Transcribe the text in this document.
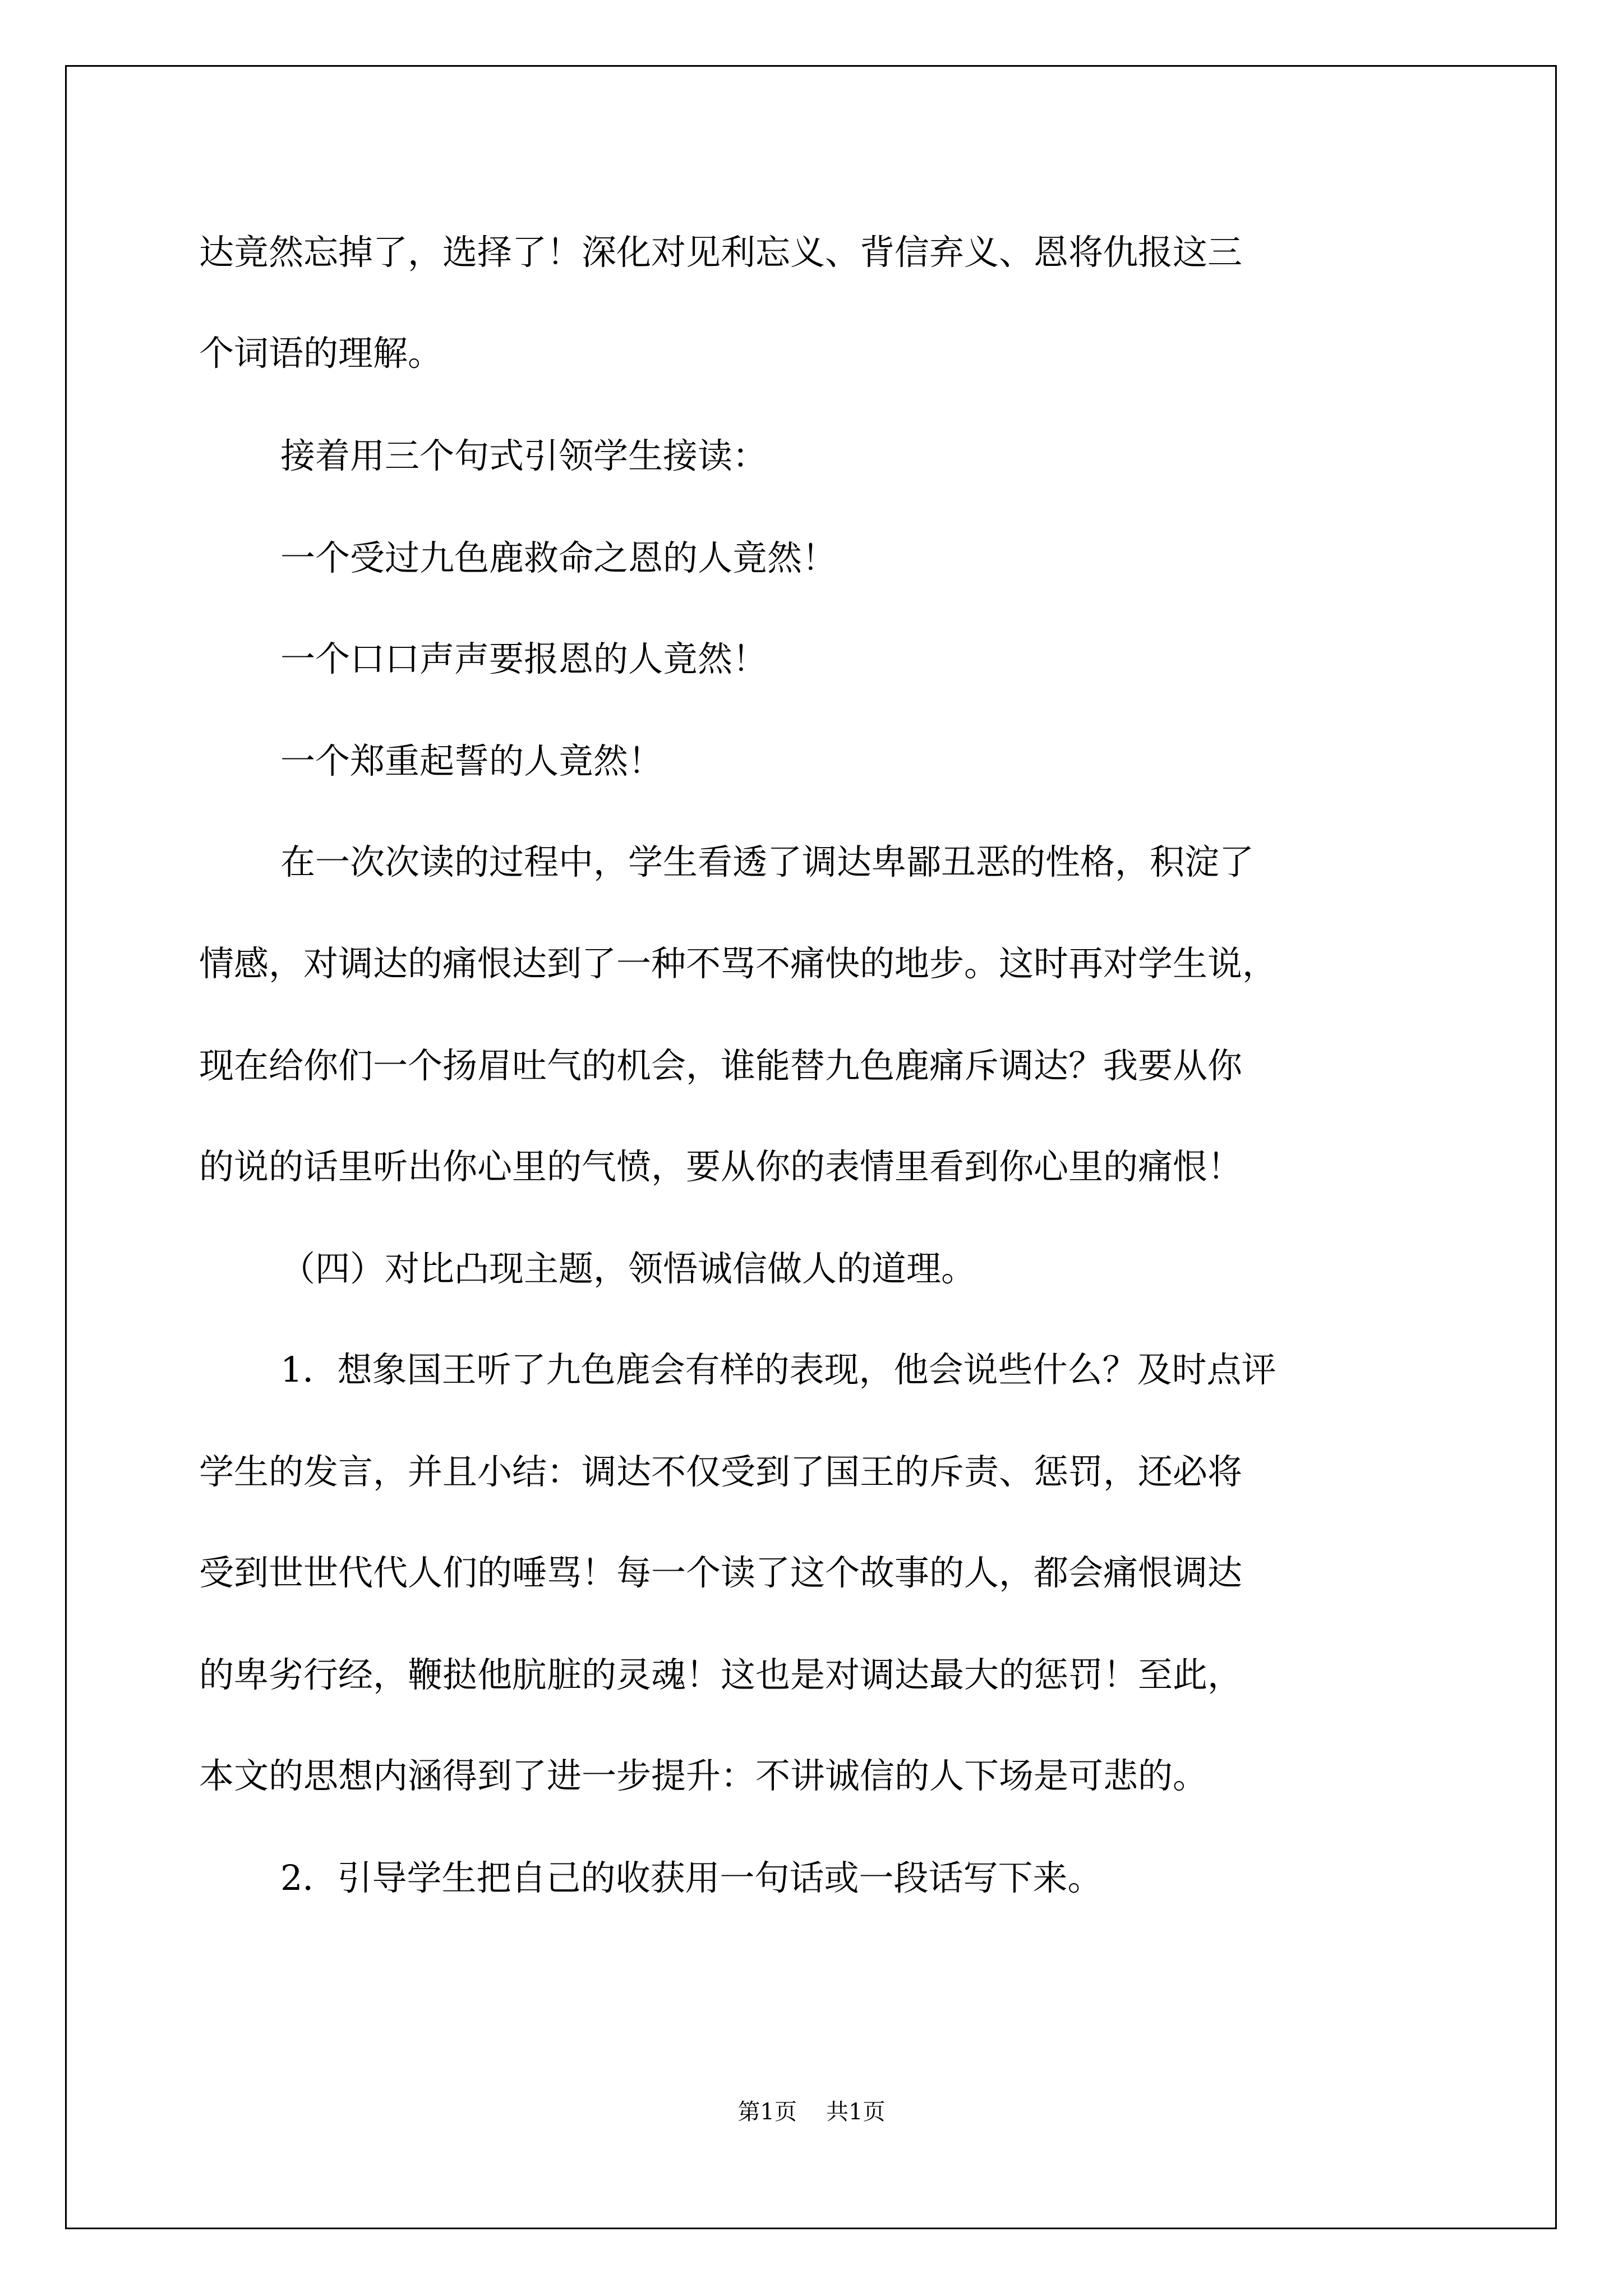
达竟然忘掉了，选择了！深化对见利忘义、背信弃义、恩将仇报这三
个词语的理解。
接着用三个句式引领学生接读：
一个受过九色鹿救命之恩的人竟然！
一个口口声声要报恩的人竟然！
一个郑重起誓的人竟然！
在一次次读的过程中，学生看透了调达卑鄙丑恶的性格，积淀了
情感，对调达的痛恨达到了一种不骂不痛快的地步。这时再对学生说，
现在给你们一个扬眉吐气的机会，谁能替九色鹿痛斥调达？我要从你
的说的话里听出你心里的气愤，要从你的表情里看到你心里的痛恨！
（四）对比凸现主题，领悟诚信做人的道理。
1．想象国王听了九色鹿会有样的表现，他会说些什么？及时点评
学生的发言，并且小结：调达不仅受到了国王的斥责、惩罚，还必将
受到世世代代人们的唾骂！每一个读了这个故事的人，都会痛恨调达
的卑劣行经，鞭挞他肮脏的灵魂！这也是对调达最大的惩罚！至此，
本文的思想内涵得到了进一步提升：不讲诚信的人下场是可悲的。
2．引导学生把自己的收获用一句话或一段话写下来。
第1页 共1页
